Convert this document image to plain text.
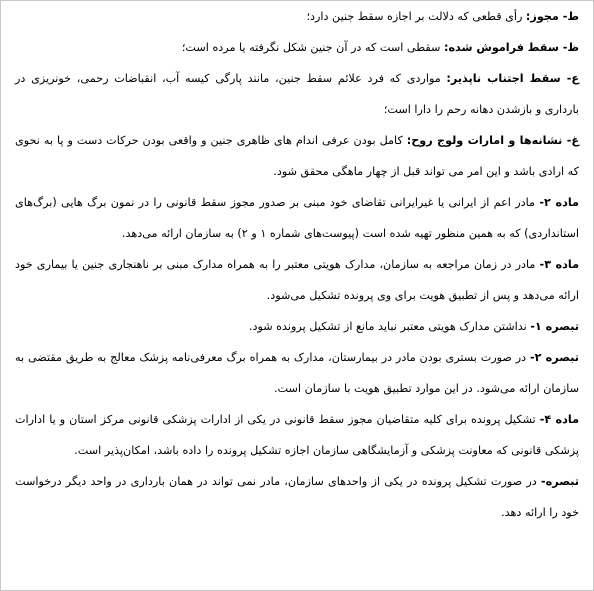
ط- مجوز: رأی قطعی که دلالت بر اجازه سقط جنین دارد؛

ظ- سقط فراموش شده: سقطی است که در آن جنین شکل نگرفته یا مرده است؛

ع- سقط اجتناب ناپذیر: مواردی که فرد علائم سقط جنین، مانند پارگی کیسه آب، انقباضات رحمی، خونریزی در بارداری و بازشدن دهانه رحم را دارا است؛

غ- نشانه‌ها و امارات ولوج روح: کامل بودن عرفی اندام های ظاهری جنین و واقعی بودن حرکات دست و پا به نحوی که ارادی باشد و این امر می تواند قبل از چهار ماهگی محقق شود.

ماده ۲- مادر اعم از ایرانی یا غیرایرانی تقاضای خود مبنی بر صدور مجوز سقط قانونی را در نمون برگ هایی (برگ‌های استانداردی) که به همین منظور تهیه شده است (پیوست‌های شماره ۱ و ۲) به سازمان ارائه می‌دهد.

ماده ۳- مادر در زمان مراجعه به سازمان، مدارک هویتی معتبر را به همراه مدارک مبنی بر ناهنجاری جنین یا بیماری خود ارائه می‌دهد و پس از تطبیق هویت برای وی پرونده تشکیل می‌شود.

تبصره ۱- نداشتن مدارک هویتی معتبر نباید مانع از تشکیل پرونده شود.

تبصره ۲- در صورت بستری بودن مادر در بیمارستان، مدارک به همراه برگ معرفی‌نامه پزشک معالج به طریق مقتضی به سازمان ارائه می‌شود. در این موارد تطبیق هویت با سازمان است.

ماده ۴- تشکیل پرونده برای کلیه متقاضیان مجوز سقط قانونی در یکی از ادارات پزشکی قانونی مرکز استان و یا ادارات پزشکی قانونی که معاونت پزشکی و آزمایشگاهی سازمان اجازه تشکیل پرونده را داده باشد، امکان‌پذیر است.

تبصره- در صورت تشکیل پرونده در یکی از واحدهای سازمان، مادر نمی تواند در همان بارداری در واحد دیگر درخواست خود را ارائه دهد.
